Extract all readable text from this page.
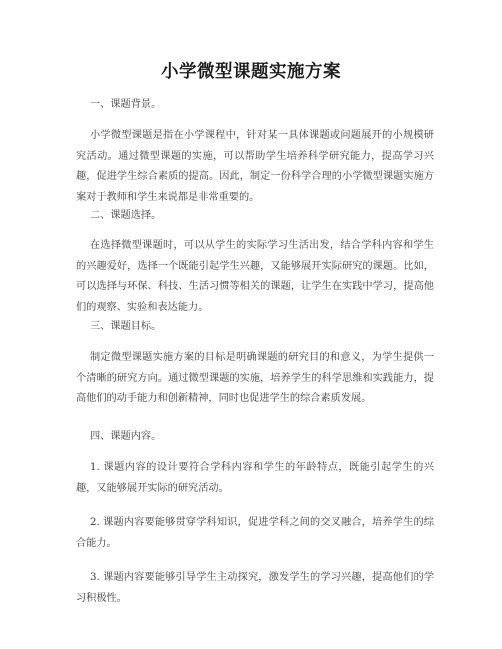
小学微型课题实施方案
一、课题背景。
小学微型课题是指在小学课程中，针对某一具体课题或问题展开的小规模研究活动。通过微型课题的实施，可以帮助学生培养科学研究能力，提高学习兴趣，促进学生综合素质的提高。因此，制定一份科学合理的小学微型课题实施方案对于教师和学生来说都是非常重要的。
二、课题选择。
在选择微型课题时，可以从学生的实际学习生活出发，结合学科内容和学生的兴趣爱好，选择一个既能引起学生兴趣，又能够展开实际研究的课题。比如，可以选择与环保、科技、生活习惯等相关的课题，让学生在实践中学习，提高他们的观察、实验和表达能力。
三、课题目标。
制定微型课题实施方案的目标是明确课题的研究目的和意义，为学生提供一个清晰的研究方向。通过微型课题的实施，培养学生的科学思维和实践能力，提高他们的动手能力和创新精神，同时也促进学生的综合素质发展。
四、课题内容。
1. 课题内容的设计要符合学科内容和学生的年龄特点，既能引起学生的兴趣，又能够展开实际的研究活动。
2. 课题内容要能够贯穿学科知识，促进学科之间的交叉融合，培养学生的综合能力。
3. 课题内容要能够引导学生主动探究，激发学生的学习兴趣，提高他们的学习积极性。
